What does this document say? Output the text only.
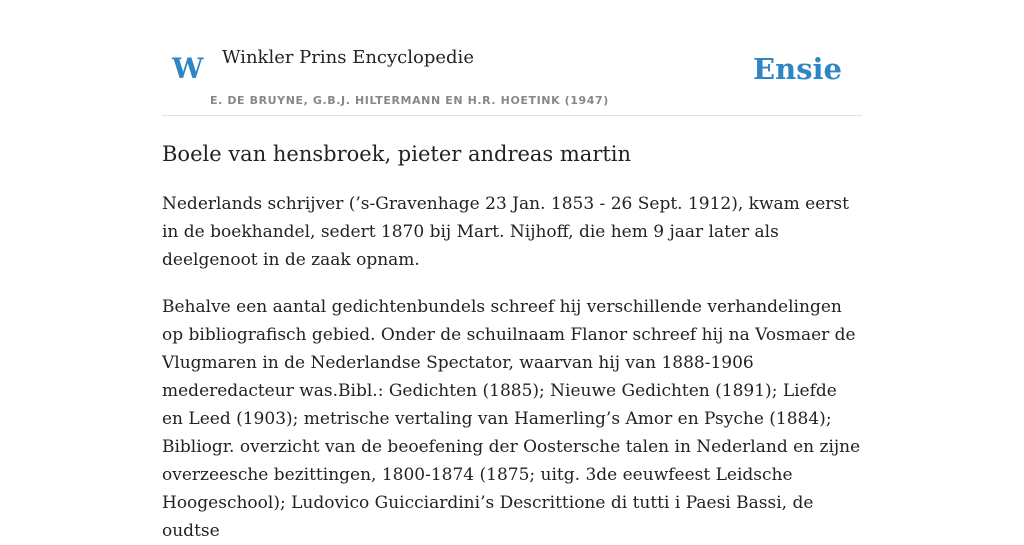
W Winkler Prins Encyclopedie
E. DE BRUYNE, G.B.J. HILTERMANN EN H.R. HOETINK (1947)
Ensie
Boele van hensbroek, pieter andreas martin

Nederlands schrijver (’s-Gravenhage 23 Jan. 1853 - 26 Sept. 1912), kwam eerst in de boekhandel, sedert 1870 bij Mart. Nijhoff, die hem 9 jaar later als deelgenoot in de zaak opnam.

Behalve een aantal gedichtenbundels schreef hij verschillende verhandelingen op bibliografisch gebied. Onder de schuilnaam Flanor schreef hij na Vosmaer de Vlugmaren in de Nederlandse Spectator, waarvan hij van 1888-1906 mederedacteur was.Bibl.: Gedichten (1885); Nieuwe Gedichten (1891); Liefde en Leed (1903); metrische vertaling van Hamerling’s Amor en Psyche (1884); Bibliogr. overzicht van de beoefening der Oostersche talen in Nederland en zijne overzeesche bezittingen, 1800-1874 (1875; uitg. 3de eeuwfeest Leidsche Hoogeschool); Ludovico Guicciardini’s Descrittione di tutti i Paesi Bassi, de oudtse
